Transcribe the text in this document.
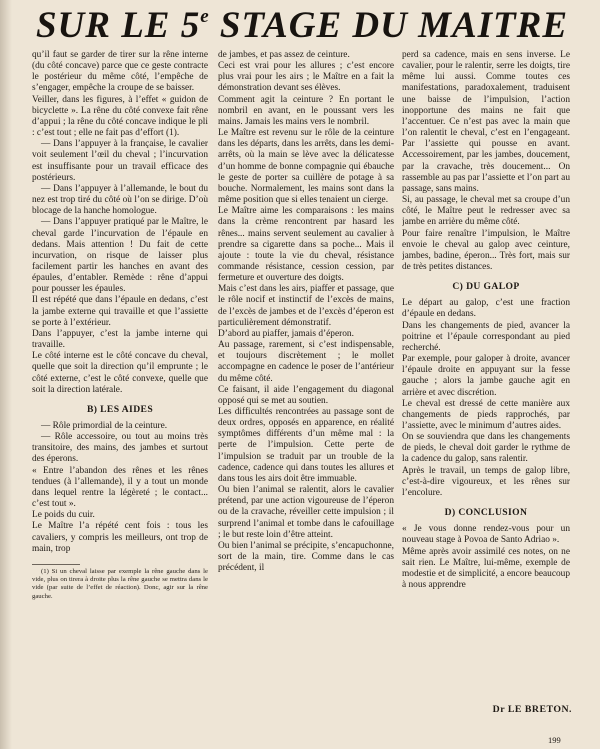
SUR LE 5e STAGE DU MAITRE

qu’il faut se garder de tirer sur la rêne interne (du côté concave) parce que ce geste contracte le postérieur du même côté, l’empêche de s’engager, empêche la croupe de se baisser.

Veiller, dans les figures, à l’effet « guidon de bicyclette ». La rêne du côté convexe fait rêne d’appui ; la rêne du côté concave indique le pli : c’est tout ; elle ne fait pas d’effort (1).

— Dans l’appuyer à la française, le cavalier voit seulement l’œil du cheval ; l’incurvation est insuffisante pour un travail efficace des postérieurs.

— Dans l’appuyer à l’allemande, le bout du nez est trop tiré du côté où l’on se dirige. D’où blocage de la hanche homologue.

— Dans l’appuyer pratiqué par le Maître, le cheval garde l’incurvation de l’épaule en dedans. Mais attention ! Du fait de cette incurvation, on risque de laisser plus facilement partir les hanches en avant des épaules, d’entabler. Remède : rêne d’appui pour pousser les épaules.

Il est répété que dans l’épaule en dedans, c’est la jambe externe qui travaille et que l’assiette se porte à l’extérieur.

Dans l’appuyer, c’est la jambe interne qui travaille.

Le côté interne est le côté concave du cheval, quelle que soit la direction qu’il emprunte ; le côté externe, c’est le côté convexe, quelle que soit la direction latérale.

B) LES AIDES

— Rôle primordial de la ceinture.

— Rôle accessoire, ou tout au moins très transitoire, des mains, des jambes et surtout des éperons.

« Entre l’abandon des rênes et les rênes tendues (à l’allemande), il y a tout un monde dans lequel rentre la légèreté ; le contact... c’est tout ».

Le poids du cuir.

Le Maître l’a répété cent fois : tous les cavaliers, y compris les meilleurs, ont trop de main, trop

(1) Si un cheval laisse par exemple la rêne gauche dans le vide, plus on tirera à droite plus la rêne gauche se mettra dans le vide (par suite de l’effet de réaction). Donc, agir sur la rêne gauche.

de jambes, et pas assez de ceinture.

Ceci est vrai pour les allures ; c’est encore plus vrai pour les airs ; le Maître en a fait la démonstration devant ses élèves.

Comment agit la ceinture ? En portant le nombril en avant, en le poussant vers les mains. Jamais les mains vers le nombril.

Le Maître est revenu sur le rôle de la ceinture dans les départs, dans les arrêts, dans les demi-arrêts, où la main se lève avec la délicatesse d’un homme de bonne compagnie qui ébauche le geste de porter sa cuillère de potage à sa bouche. Normalement, les mains sont dans la même position que si elles tenaient un cierge.

Le Maître aime les comparaisons : les mains dans la crème rencontrent par hasard les rênes... mains servent seulement au cavalier à prendre sa cigarette dans sa poche... Mais il ajoute : toute la vie du cheval, résistance commande résistance, cession cession, par fermeture et ouverture des doigts.

Mais c’est dans les airs, piaffer et passage, que le rôle nocif et instinctif de l’excès de mains, de l’excès de jambes et de l’excès d’éperon est particulièrement démonstratif.

D’abord au piaffer, jamais d’éperon.

Au passage, rarement, si c’est indispensable, et toujours discrètement ; le mollet accompagne en cadence le poser de l’antérieur du même côté.

Ce faisant, il aide l’engagement du diagonal opposé qui se met au soutien.

Les difficultés rencontrées au passage sont de deux ordres, opposés en apparence, en réalité symptômes différents d’un même mal : la perte de l’impulsion. Cette perte de l’impulsion se traduit par un trouble de la cadence, cadence qui dans toutes les allures et dans tous les airs doit être immuable.

Ou bien l’animal se ralentit, alors le cavalier prétend, par une action vigoureuse de l’éperon ou de la cravache, réveiller cette impulsion ; il surprend l’animal et tombe dans le cafouillage ; le but reste loin d’être atteint.

Ou bien l’animal se précipite, s’encapuchonne, sort de la main, tire. Comme dans le cas précédent, il

perd sa cadence, mais en sens inverse. Le cavalier, pour le ralentir, serre les doigts, tire même lui aussi. Comme toutes ces manifestations, paradoxalement, traduisent une baisse de l’impulsion, l’action inopportune des mains ne fait que l’accentuer. Ce n’est pas avec la main que l’on ralentit le cheval, c’est en l’engageant. Par l’assiette qui pousse en avant. Accessoirement, par les jambes, doucement, par la cravache, très doucement... On rassemble au pas par l’assiette et l’on part au passage, sans mains.

Si, au passage, le cheval met sa croupe d’un côté, le Maître peut le redresser avec sa jambe en arrière du même côté.

Pour faire renaître l’impulsion, le Maître envoie le cheval au galop avec ceinture, jambes, badine, éperon... Très fort, mais sur de très petites distances.

C) DU GALOP

Le départ au galop, c’est une fraction d’épaule en dedans.

Dans les changements de pied, avancer la poitrine et l’épaule correspondant au pied recherché.

Par exemple, pour galoper à droite, avancer l’épaule droite en appuyant sur la fesse gauche ; alors la jambe gauche agit en arrière et avec discrétion.

Le cheval est dressé de cette manière aux changements de pieds rapprochés, par l’assiette, avec le minimum d’autres aides.

On se souviendra que dans les changements de pieds, le cheval doit garder le rythme de la cadence du galop, sans ralentir.

Après le travail, un temps de galop libre, c’est-à-dire vigoureux, et les rênes sur l’encolure.

D) CONCLUSION

« Je vous donne rendez-vous pour un nouveau stage à Povoa de Santo Adriao ».

Même après avoir assimilé ces notes, on ne sait rien. Le Maître, lui-même, exemple de modestie et de simplicité, a encore beaucoup à nous apprendre

Dr LE BRETON.
199
